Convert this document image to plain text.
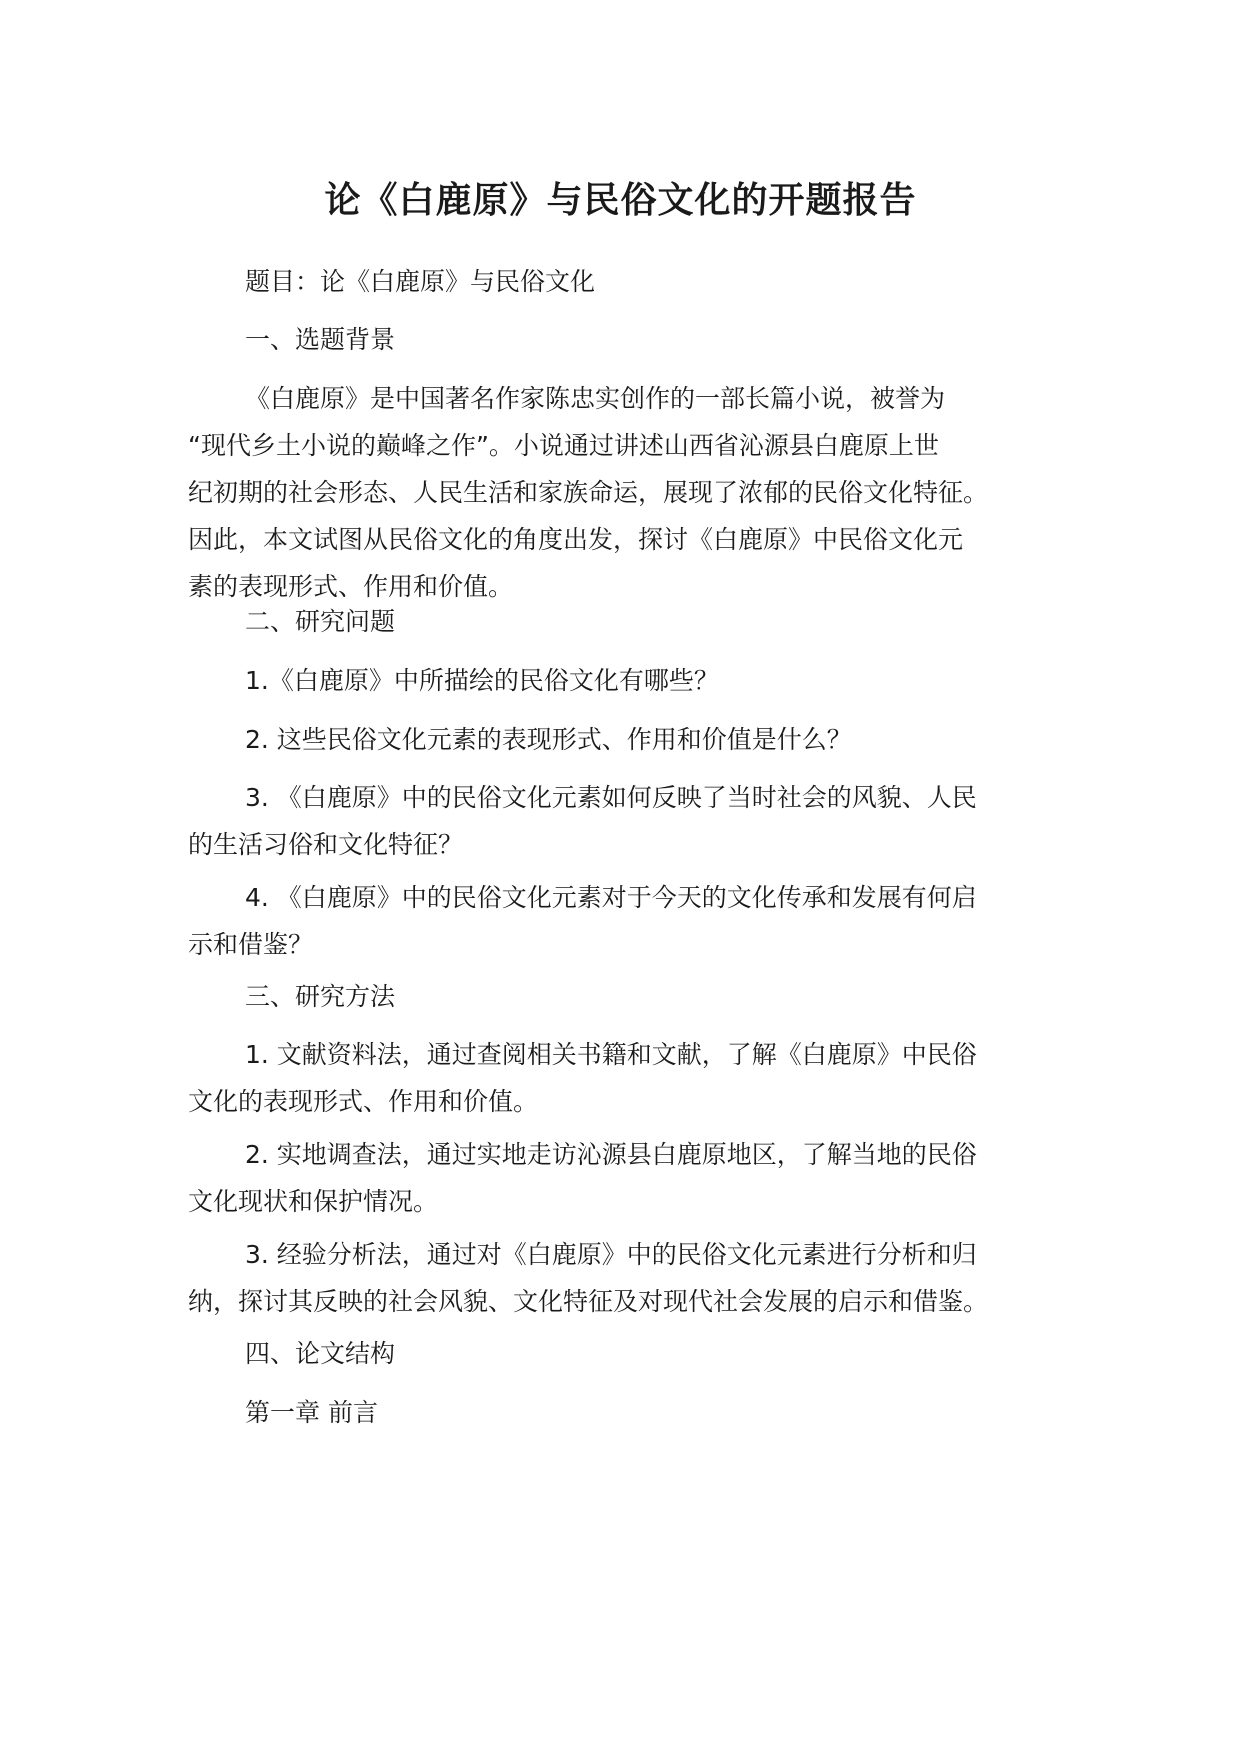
论《白鹿原》与民俗文化的开题报告

题目：论《白鹿原》与民俗文化

一、选题背景

《白鹿原》是中国著名作家陈忠实创作的一部长篇小说，被誉为
“现代乡土小说的巅峰之作”。小说通过讲述山西省沁源县白鹿原上世
纪初期的社会形态、人民生活和家族命运，展现了浓郁的民俗文化特征。
因此，本文试图从民俗文化的角度出发，探讨《白鹿原》中民俗文化元
素的表现形式、作用和价值。

二、研究问题

1.《白鹿原》中所描绘的民俗文化有哪些？

2. 这些民俗文化元素的表现形式、作用和价值是什么？

3. 《白鹿原》中的民俗文化元素如何反映了当时社会的风貌、人民
的生活习俗和文化特征？

4. 《白鹿原》中的民俗文化元素对于今天的文化传承和发展有何启
示和借鉴？

三、研究方法

1. 文献资料法，通过查阅相关书籍和文献，了解《白鹿原》中民俗
文化的表现形式、作用和价值。

2. 实地调查法，通过实地走访沁源县白鹿原地区，了解当地的民俗
文化现状和保护情况。

3. 经验分析法，通过对《白鹿原》中的民俗文化元素进行分析和归
纳，探讨其反映的社会风貌、文化特征及对现代社会发展的启示和借鉴。

四、论文结构

第一章 前言
